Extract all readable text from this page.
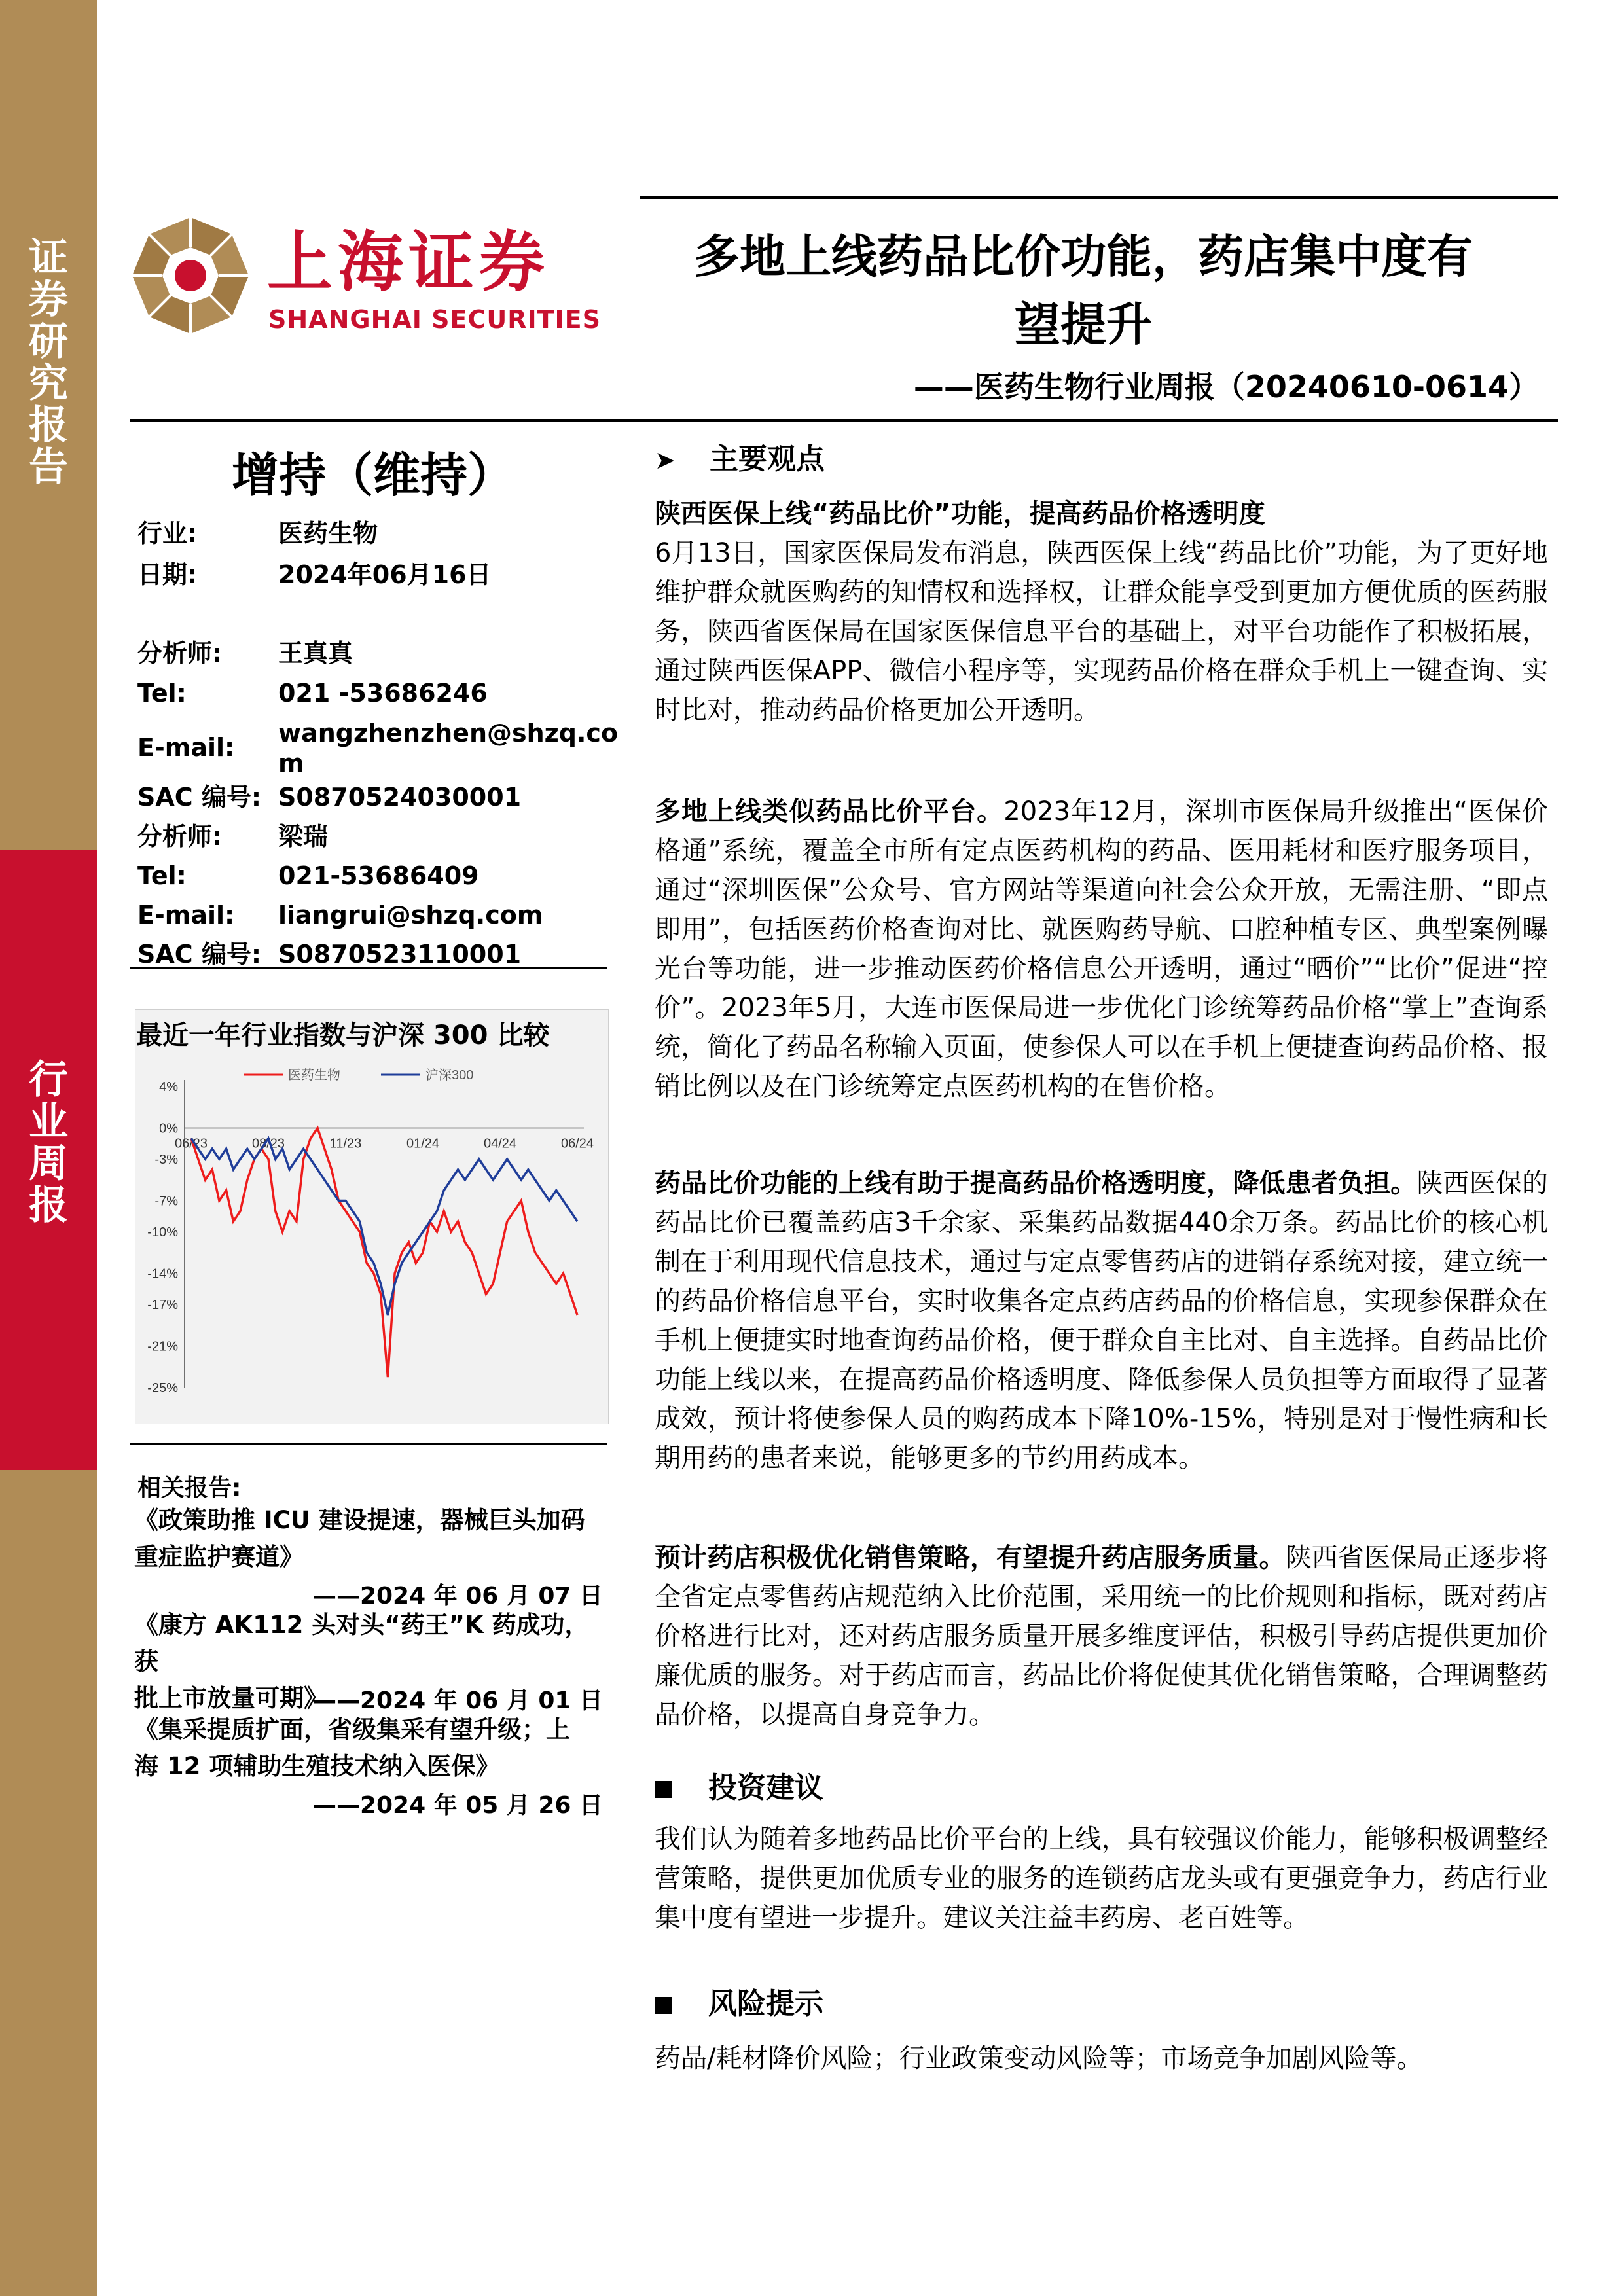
证
券
研
究
报
告
行
业
周
报
上海证券
SHANGHAI SECURITIES
多地上线药品比价功能，药店集中度有
望提升
——医药生物行业周报（20240610-0614）
增持（维持）
行业:	医药生物
日期:	2024年06月16日
分析师: 王真真
Tel:	021 -53686246
E-mail: wangzhenzhen@shzq.co
m
SAC 编号: S0870524030001
分析师: 梁瑞
Tel:	021-53686409
E-mail: liangrui@shzq.com
SAC 编号: S0870523110001
最近一年行业指数与沪深 300 比较
4%
0%
-3%
-7%
-10%
-14%
-17%
-21%
-25%
06/23	08/23	11/23	01/24	04/24	06/24
医药生物	沪深300
相关报告:
《政策助推 ICU 建设提速，器械巨头加码
重症监护赛道》
——2024 年 06 月 07 日
《康方 AK112 头对头“药王”K 药成功，获
批上市放量可期》
——2024 年 06 月 01 日
《集采提质扩面，省级集采有望升级；上
海 12 项辅助生殖技术纳入医保》
——2024 年 05 月 26 日
➤ 主要观点
陕西医保上线“药品比价”功能，提高药品价格透明度
6月13日，国家医保局发布消息，陕西医保上线“药品比价”功能，为了更好地维护群众就医购药的知情权和选择权，让群众能享受到更加方便优质的医药服务，陕西省医保局在国家医保信息平台的基础上，对平台功能作了积极拓展，通过陕西医保APP、微信小程序等，实现药品价格在群众手机上一键查询、实时比对，推动药品价格更加公开透明。
多地上线类似药品比价平台。2023年12月，深圳市医保局升级推出“医保价格通”系统，覆盖全市所有定点医药机构的药品、医用耗材和医疗服务项目，通过“深圳医保”公众号、官方网站等渠道向社会公众开放，无需注册、“即点即用”，包括医药价格查询对比、就医购药导航、口腔种植专区、典型案例曝光台等功能，进一步推动医药价格信息公开透明，通过“晒价”“比价”促进“控价”。2023年5月，大连市医保局进一步优化门诊统筹药品价格“掌上”查询系统，简化了药品名称输入页面，使参保人可以在手机上便捷查询药品价格、报销比例以及在门诊统筹定点医药机构的在售价格。
药品比价功能的上线有助于提高药品价格透明度，降低患者负担。陕西医保的药品比价已覆盖药店3千余家、采集药品数据440余万条。药品比价的核心机制在于利用现代信息技术，通过与定点零售药店的进销存系统对接，建立统一的药品价格信息平台，实时收集各定点药店药品的价格信息，实现参保群众在手机上便捷实时地查询药品价格，便于群众自主比对、自主选择。自药品比价功能上线以来，在提高药品价格透明度、降低参保人员负担等方面取得了显著成效，预计将使参保人员的购药成本下降10%-15%，特别是对于慢性病和长期用药的患者来说，能够更多的节约用药成本。
预计药店积极优化销售策略，有望提升药店服务质量。陕西省医保局正逐步将全省定点零售药店规范纳入比价范围，采用统一的比价规则和指标，既对药店价格进行比对，还对药店服务质量开展多维度评估，积极引导药店提供更加价廉优质的服务。对于药店而言，药品比价将促使其优化销售策略，合理调整药品价格，以提高自身竞争力。
投资建议
我们认为随着多地药品比价平台的上线，具有较强议价能力，能够积极调整经营策略，提供更加优质专业的服务的连锁药店龙头或有更强竞争力，药店行业集中度有望进一步提升。建议关注益丰药房、老百姓等。
风险提示
药品/耗材降价风险；行业政策变动风险等；市场竞争加剧风险等。
